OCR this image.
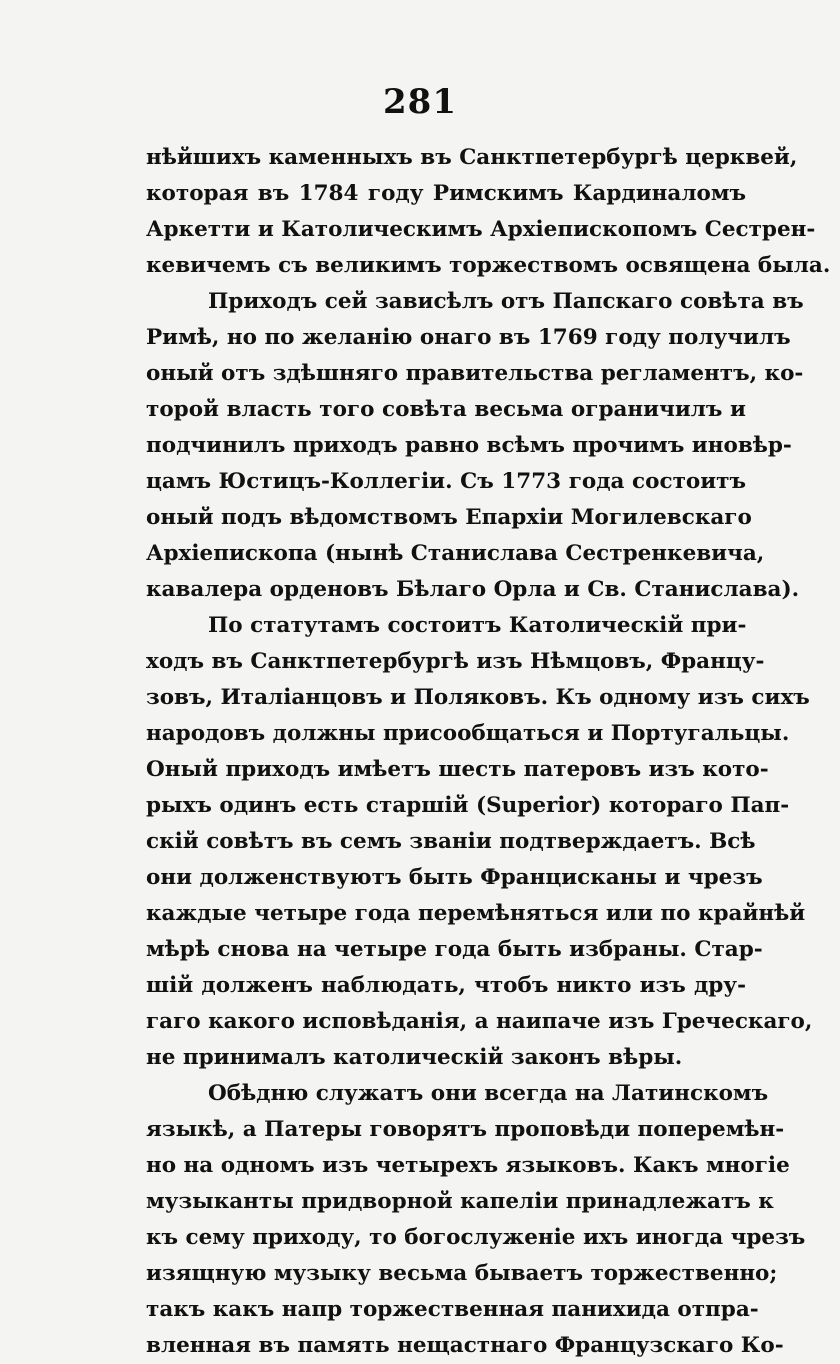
281
нѣйшихъ каменныхъ въ Санктпетербургѣ церквей,
которая въ 1784 году Римскимъ Кардиналомъ
Аркетти и Католическимъ Архіепископомъ Сестрен-
кевичемъ съ великимъ торжествомъ освящена была.
Приходъ сей зависѣлъ отъ Папскаго совѣта въ
Римѣ, но по желанію онаго въ 1769 году получилъ
оный отъ здѣшняго правительства регламентъ, ко-
торой власть того совѣта весьма ограничилъ и
подчинилъ приходъ равно всѣмъ прочимъ иновѣр-
цамъ Юстицъ-Коллегіи. Съ 1773 года состоитъ
оный подъ вѣдомствомъ Епархіи Могилевскаго
Архіепископа (нынѣ Станислава Сестренкевича,
кавалера орденовъ Бѣлаго Орла и Св. Станислава).
По статутамъ состоитъ Католическій при-
ходъ въ Санктпетербургѣ изъ Нѣмцовъ, Францу-
зовъ, Италіанцовъ и Поляковъ. Къ одному изъ сихъ
народовъ должны присообщаться и Португальцы.
Оный приходъ имѣетъ шесть патеровъ изъ кото-
рыхъ одинъ есть старшій (Superior) котораго Пап-
скій совѣтъ въ семъ званіи подтверждаетъ. Всѣ
они долженствуютъ быть Францисканы и чрезъ
каждые четыре года перемѣняться или по крайнѣй
мѣрѣ снова на четыре года быть избраны. Стар-
шій долженъ наблюдать, чтобъ никто изъ дру-
гаго какого исповѣданія, а наипаче изъ Греческаго,
не принималъ католическій законъ вѣры.
Обѣдню служатъ они всегда на Латинскомъ
языкѣ, а Патеры говорятъ проповѣди поперемѣн-
но на одномъ изъ четырехъ языковъ. Какъ многіе
музыканты придворной капеліи принадлежатъ к
къ сему приходу, то богослуженіе ихъ иногда чрезъ
изящную музыку весьма бываетъ торжественно;
такъ какъ напр торжественная панихида отпра-
вленная въ память нещастнаго Французскаго Ко-
